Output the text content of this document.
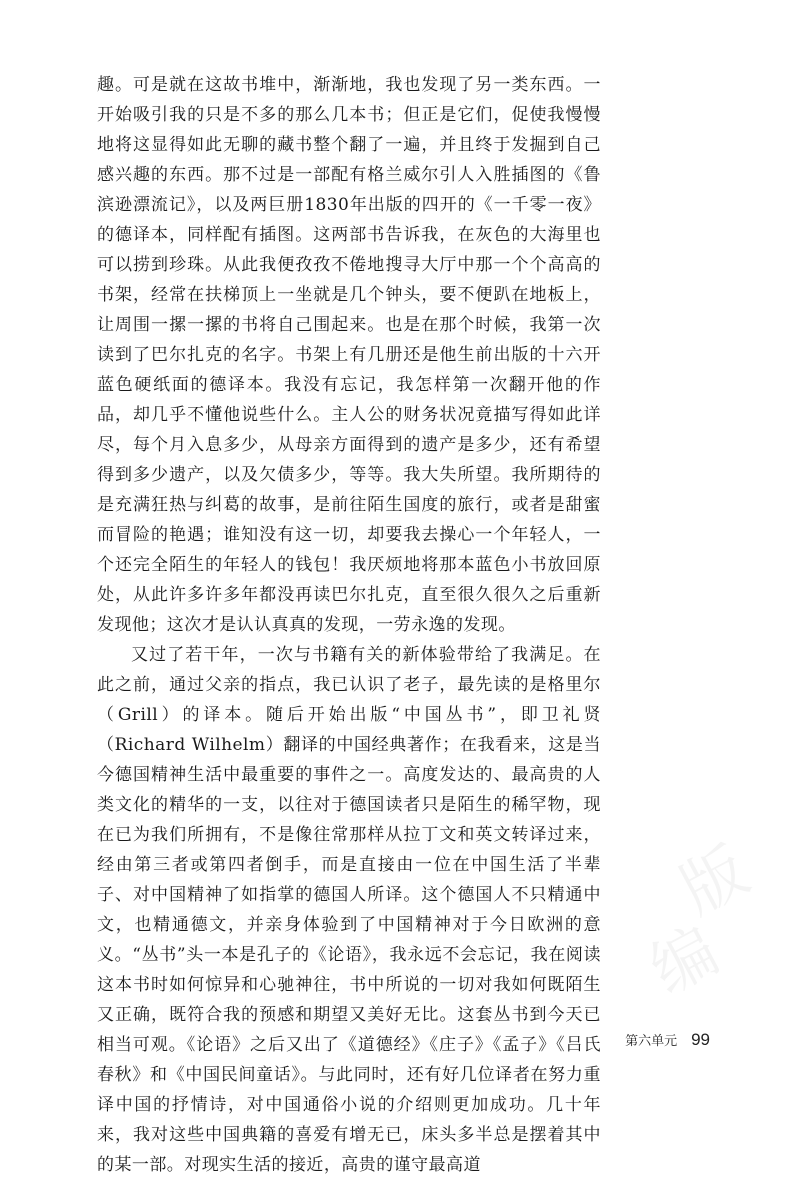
趣。可是就在这故书堆中，渐渐地，我也发现了另一类东西。一开始吸引我的只是不多的那么几本书；但正是它们，促使我慢慢地将这显得如此无聊的藏书整个翻了一遍，并且终于发掘到自己感兴趣的东西。那不过是一部配有格兰威尔引人入胜插图的《鲁滨逊漂流记》，以及两巨册1830年出版的四开的《一千零一夜》的德译本，同样配有插图。这两部书告诉我，在灰色的大海里也可以捞到珍珠。从此我便孜孜不倦地搜寻大厅中那一个个高高的书架，经常在扶梯顶上一坐就是几个钟头，要不便趴在地板上，让周围一摞一摞的书将自己围起来。也是在那个时候，我第一次读到了巴尔扎克的名字。书架上有几册还是他生前出版的十六开蓝色硬纸面的德译本。我没有忘记，我怎样第一次翻开他的作品，却几乎不懂他说些什么。主人公的财务状况竟描写得如此详尽，每个月入息多少，从母亲方面得到的遗产是多少，还有希望得到多少遗产，以及欠债多少，等等。我大失所望。我所期待的是充满狂热与纠葛的故事，是前往陌生国度的旅行，或者是甜蜜而冒险的艳遇；谁知没有这一切，却要我去操心一个年轻人，一个还完全陌生的年轻人的钱包！我厌烦地将那本蓝色小书放回原处，从此许多许多年都没再读巴尔扎克，直至很久很久之后重新发现他；这次才是认认真真的发现，一劳永逸的发现。

又过了若干年，一次与书籍有关的新体验带给了我满足。在此之前，通过父亲的指点，我已认识了老子，最先读的是格里尔（Grill）的译本。随后开始出版“中国丛书”，即卫礼贤（Richard Wilhelm）翻译的中国经典著作；在我看来，这是当今德国精神生活中最重要的事件之一。高度发达的、最高贵的人类文化的精华的一支，以往对于德国读者只是陌生的稀罕物，现在已为我们所拥有，不是像往常那样从拉丁文和英文转译过来，经由第三者或第四者倒手，而是直接由一位在中国生活了半辈子、对中国精神了如指掌的德国人所译。这个德国人不只精通中文，也精通德文，并亲身体验到了中国精神对于今日欧洲的意义。“丛书”头一本是孔子的《论语》，我永远不会忘记，我在阅读这本书时如何惊异和心驰神往，书中所说的一切对我如何既陌生又正确，既符合我的预感和期望又美好无比。这套丛书到今天已相当可观。《论语》之后又出了《道德经》《庄子》《孟子》《吕氏春秋》和《中国民间童话》。与此同时，还有好几位译者在努力重译中国的抒情诗，对中国通俗小说的介绍则更加成功。几十年来，我对这些中国典籍的喜爱有增无已，床头多半总是摆着其中的某一部。对现实生活的接近，高贵的谨守最高道

第六单元 99
